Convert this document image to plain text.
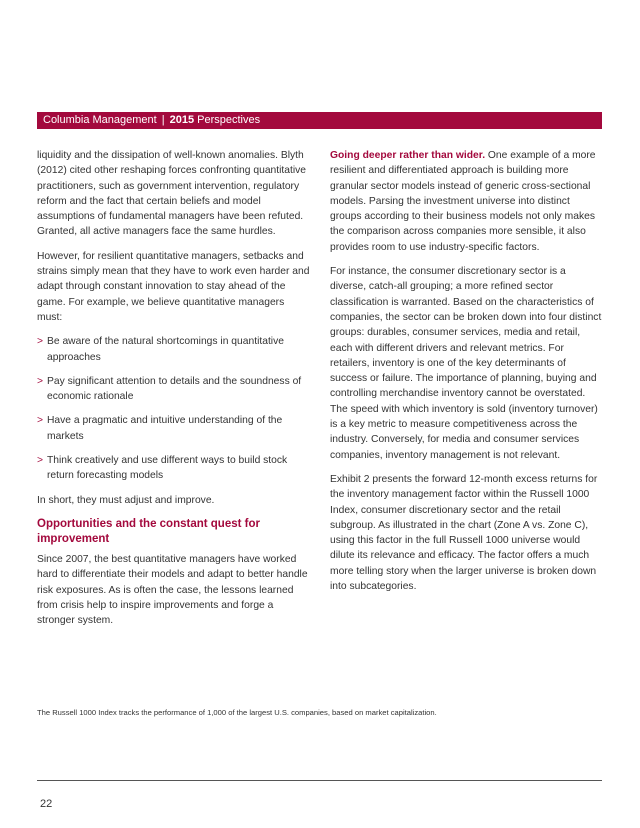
Columbia Management | 2015 Perspectives

liquidity and the dissipation of well-known anomalies. Blyth (2012) cited other reshaping forces confronting quantitative practitioners, such as government intervention, regulatory reform and the fact that certain beliefs and model assumptions of fundamental managers have been refuted. Granted, all active managers face the same hurdles.

However, for resilient quantitative managers, setbacks and strains simply mean that they have to work even harder and adapt through constant innovation to stay ahead of the game. For example, we believe quantitative managers must:

> Be aware of the natural shortcomings in quantitative approaches
> Pay significant attention to details and the soundness of economic rationale
> Have a pragmatic and intuitive understanding of the markets
> Think creatively and use different ways to build stock return forecasting models

In short, they must adjust and improve.

Opportunities and the constant quest for improvement

Since 2007, the best quantitative managers have worked hard to differentiate their models and adapt to better handle risk exposures. As is often the case, the lessons learned from crisis help to inspire improvements and forge a stronger system.

Going deeper rather than wider. One example of a more resilient and differentiated approach is building more granular sector models instead of generic cross-sectional models. Parsing the investment universe into distinct groups according to their business models not only makes the comparison across companies more sensible, it also provides room to use industry-specific factors.

For instance, the consumer discretionary sector is a diverse, catch-all grouping; a more refined sector classification is warranted. Based on the characteristics of companies, the sector can be broken down into four distinct groups: durables, consumer services, media and retail, each with different drivers and relevant metrics. For retailers, inventory is one of the key determinants of success or failure. The importance of planning, buying and controlling merchandise inventory cannot be overstated. The speed with which inventory is sold (inventory turnover) is a key metric to measure competitiveness across the industry. Conversely, for media and consumer services companies, inventory management is not relevant.

Exhibit 2 presents the forward 12-month excess returns for the inventory management factor within the Russell 1000 Index, consumer discretionary sector and the retail subgroup. As illustrated in the chart (Zone A vs. Zone C), using this factor in the full Russell 1000 universe would dilute its relevance and efficacy. The factor offers a much more telling story when the larger universe is broken down into subcategories.

The Russell 1000 Index tracks the performance of 1,000 of the largest U.S. companies, based on market capitalization.
22
